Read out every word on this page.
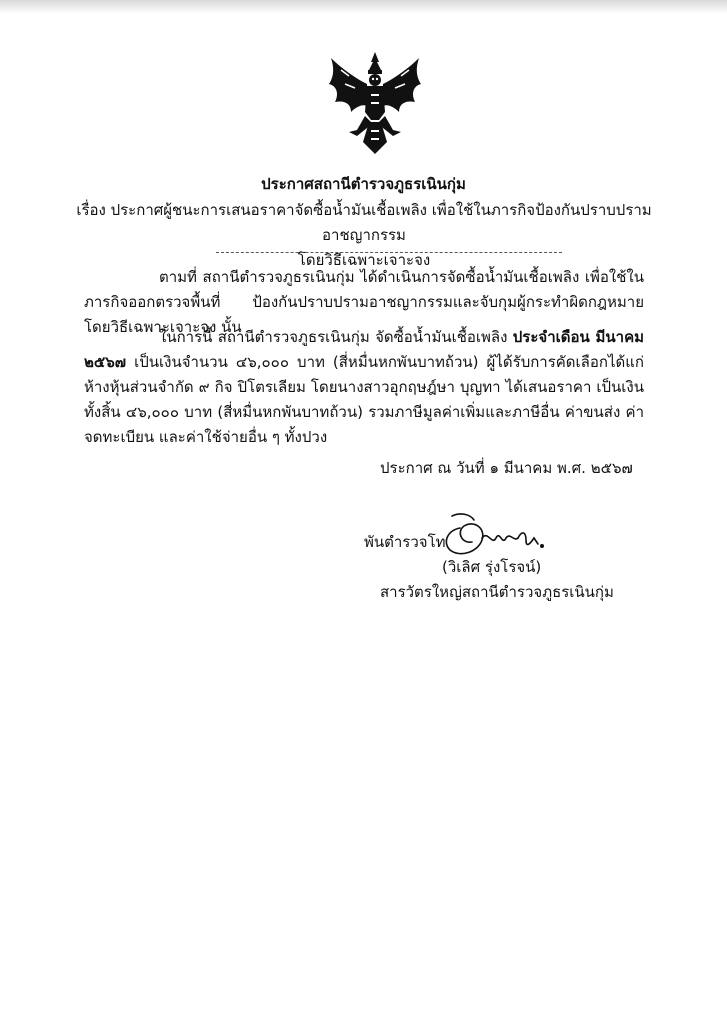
ประกาศสถานีตำรวจภูธรเนินกุ่ม
เรื่อง ประกาศผู้ชนะการเสนอราคาจัดซื้อน้ำมันเชื้อเพลิง เพื่อใช้ในภารกิจป้องกันปราบปรามอาชญากรรม
โดยวิธีเฉพาะเจาะจง
ตามที่ สถานีตำรวจภูธรเนินกุ่ม ได้ดำเนินการจัดซื้อน้ำมันเชื้อเพลิง เพื่อใช้ในภารกิจออกตรวจพื้นที่ ป้องกันปราบปรามอาชญากรรมและจับกุมผู้กระทำผิดกฎหมาย โดยวิธีเฉพาะเจาะจง นั้น
ในการนี้ สถานีตำรวจภูธรเนินกุ่ม จัดซื้อน้ำมันเชื้อเพลิง ประจำเดือน มีนาคม ๒๕๖๗ เป็นเงินจำนวน ๔๖,๐๐๐ บาท (สี่หมื่นหกพันบาทถ้วน) ผู้ได้รับการคัดเลือกได้แก่ ห้างหุ้นส่วนจำกัด ๙ กิจ ปิโตรเลียม โดยนางสาวอุกฤษฎ์ษา บุญทา ได้เสนอราคา เป็นเงินทั้งสิ้น ๔๖,๐๐๐ บาท (สี่หมื่นหกพันบาทถ้วน) รวมภาษีมูลค่าเพิ่มและภาษีอื่น ค่าขนส่ง ค่าจดทะเบียน และค่าใช้จ่ายอื่น ๆ ทั้งปวง
ประกาศ ณ วันที่ ๑ มีนาคม พ.ศ. ๒๕๖๗
พันตำรวจโท
(วิเลิศ รุ่งโรจน์)
สารวัตรใหญ่สถานีตำรวจภูธรเนินกุ่ม
